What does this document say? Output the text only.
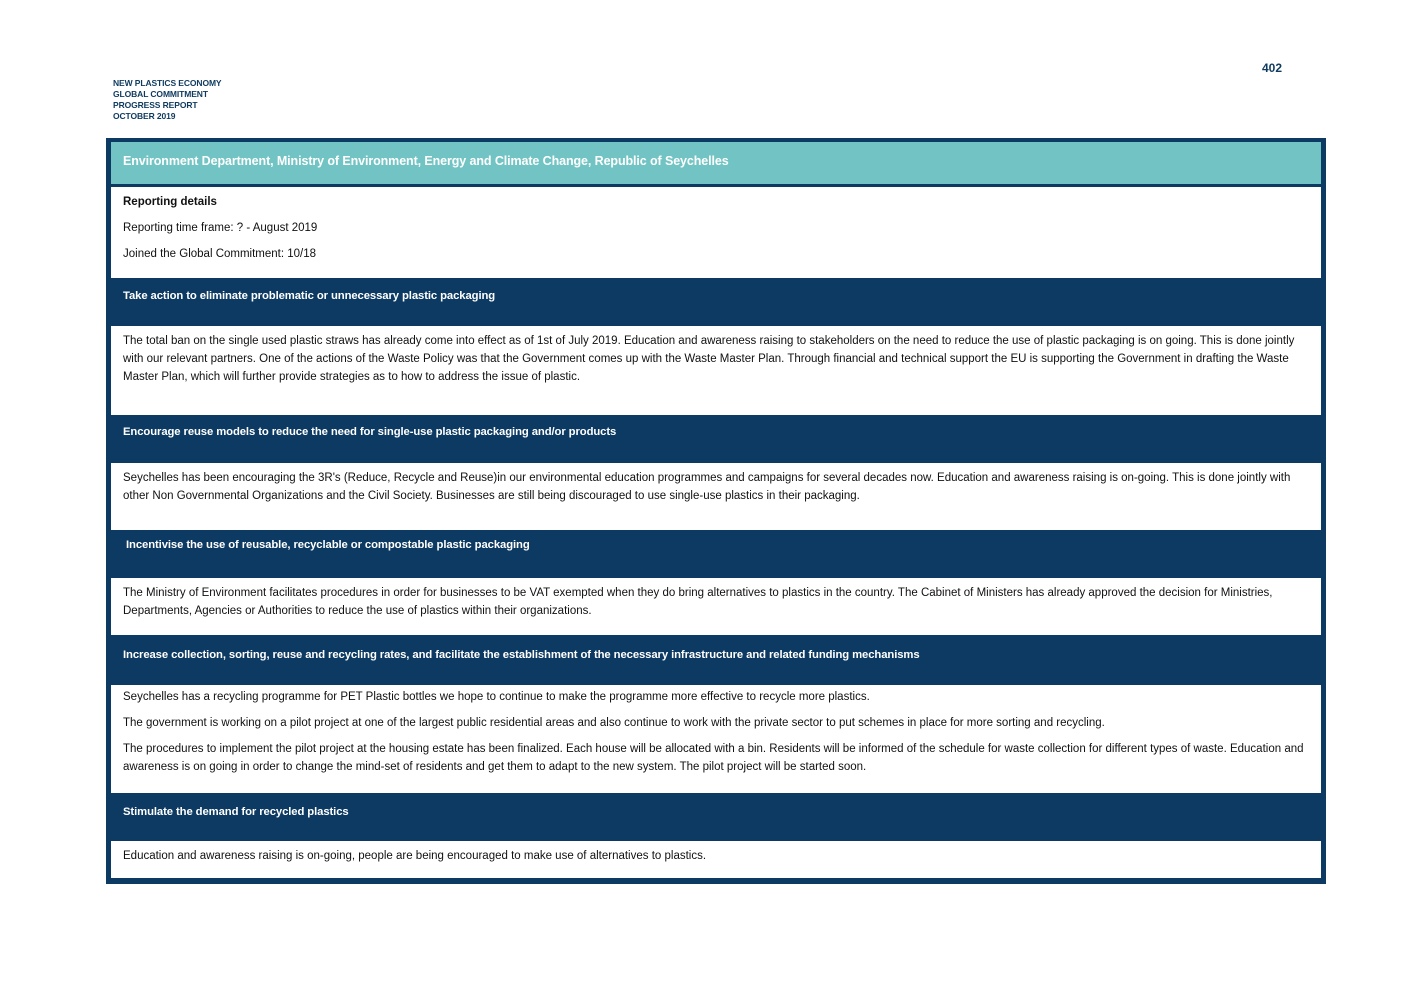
402
NEW PLASTICS ECONOMY
GLOBAL COMMITMENT
PROGRESS REPORT
OCTOBER 2019
Environment Department, Ministry of Environment, Energy and Climate Change, Republic of Seychelles

Reporting details

Reporting time frame: ? - August 2019

Joined the Global Commitment: 10/18

Take action to eliminate problematic or unnecessary plastic packaging

The total ban on the single used plastic straws has already come into effect as of 1st of July 2019. Education and awareness raising to stakeholders on the need to reduce the use of plastic packaging is on going. This is done jointly with our relevant partners. One of the actions of the Waste Policy was that the Government comes up with the Waste Master Plan. Through financial and technical support the EU is supporting the Government in drafting the Waste Master Plan, which will further provide strategies as to how to address the issue of plastic.

Encourage reuse models to reduce the need for single-use plastic packaging and/or products

Seychelles has been encouraging the 3R's (Reduce, Recycle and Reuse)in our environmental education programmes and campaigns for several decades now. Education and awareness raising is on-going. This is done jointly with other Non Governmental Organizations and the Civil Society. Businesses are still being discouraged to use single-use plastics in their packaging.

Incentivise the use of reusable, recyclable or compostable plastic packaging

The Ministry of Environment facilitates procedures in order for businesses to be VAT exempted when they do bring alternatives to plastics in the country. The Cabinet of Ministers has already approved the decision for Ministries, Departments, Agencies or Authorities to reduce the use of plastics within their organizations.

Increase collection, sorting, reuse and recycling rates, and facilitate the establishment of the necessary infrastructure and related funding mechanisms

Seychelles has a recycling programme for PET Plastic bottles we hope to continue to make the programme more effective to recycle more plastics.

The government is working on a pilot project at one of the largest public residential areas and also continue to work with the private sector to put schemes in place for more sorting and recycling.

The procedures to implement the pilot project at the housing estate has been finalized. Each house will be allocated with a bin. Residents will be informed of the schedule for waste collection for different types of waste. Education and awareness is on going in order to change the mind-set of residents and get them to adapt to the new system. The pilot project will be started soon.

Stimulate the demand for recycled plastics

Education and awareness raising is on-going, people are being encouraged to make use of alternatives to plastics.
